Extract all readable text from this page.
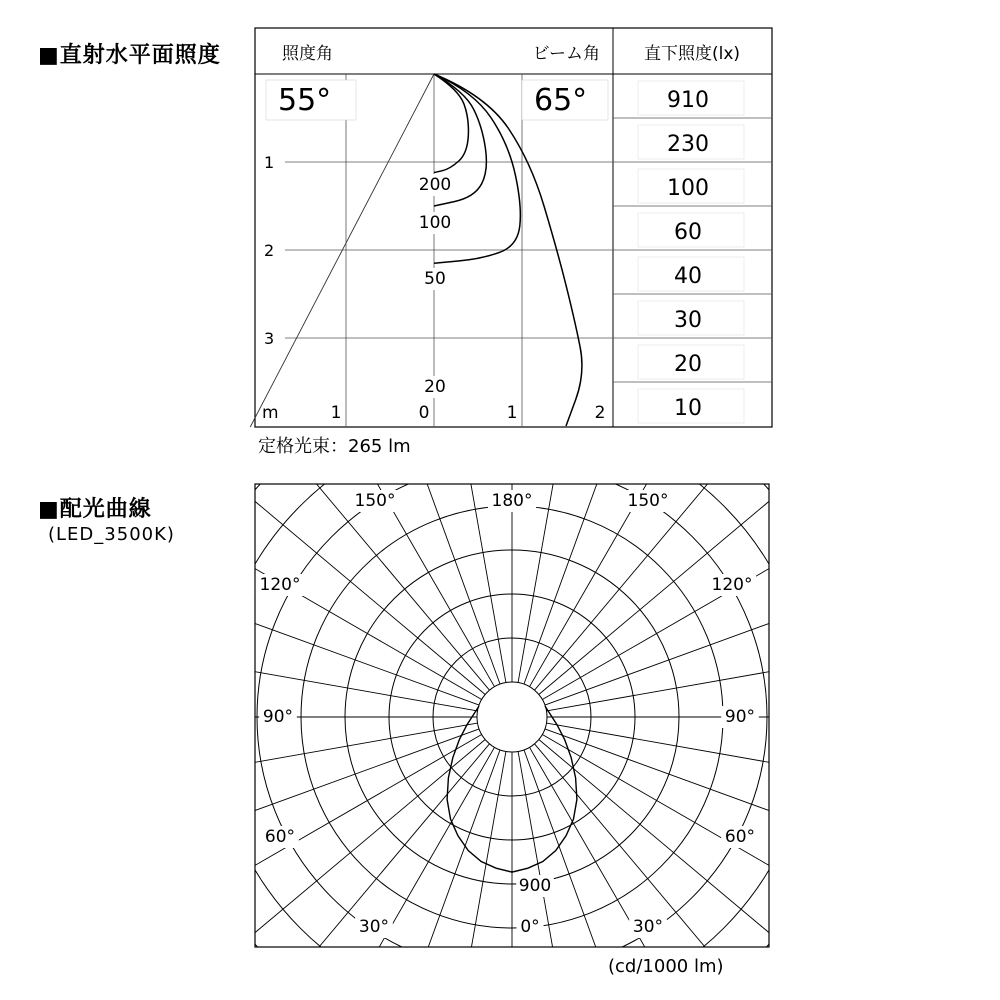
■直射水平面照度	照度角	ビーム角	直下照度(lx)
55°	65°	910
230
100
60
40
30
20
10
1
2
3
m	1	0	1	2
200
100
50
20
定格光束：265 lm
■配光曲線
(LED_3500K)
150°	180°	150°
120°	120°
90°	90°
60°	60°
30°	0°	30°
900
(cd/1000 lm)
